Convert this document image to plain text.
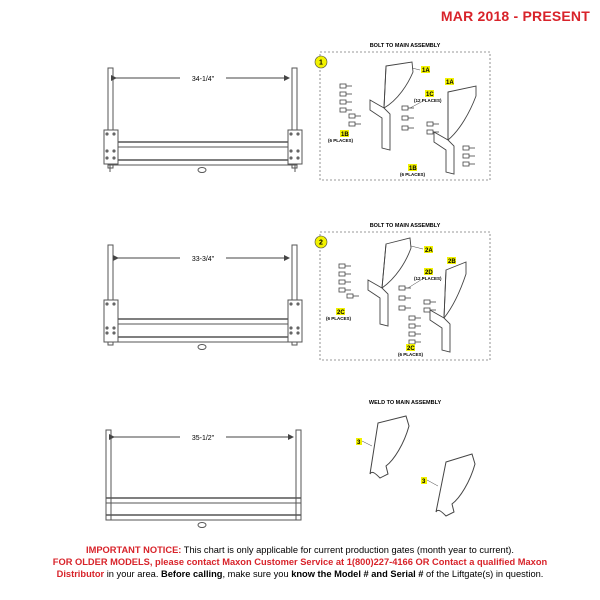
MAR 2018 - PRESENT
34-1/4"
BOLT TO MAIN ASSEMBLY
1
1A
1A
1C
(12 PLACES)
1B
(6 PLACES)
1B
(6 PLACES)
33-3/4"
BOLT TO MAIN ASSEMBLY
2
2A
2B
2D
(12 PLACES)
2C
(6 PLACES)
2C
(6 PLACES)
35-1/2"
WELD TO MAIN ASSEMBLY
3
3
IMPORTANT NOTICE: This chart is only applicable for current production gates (month year to current).
FOR OLDER MODELS, please contact Maxon Customer Service at 1(800)227-4166 OR Contact a qualified Maxon
Distributor in your area. Before calling, make sure you know the Model # and Serial # of the Liftgate(s) in question.
